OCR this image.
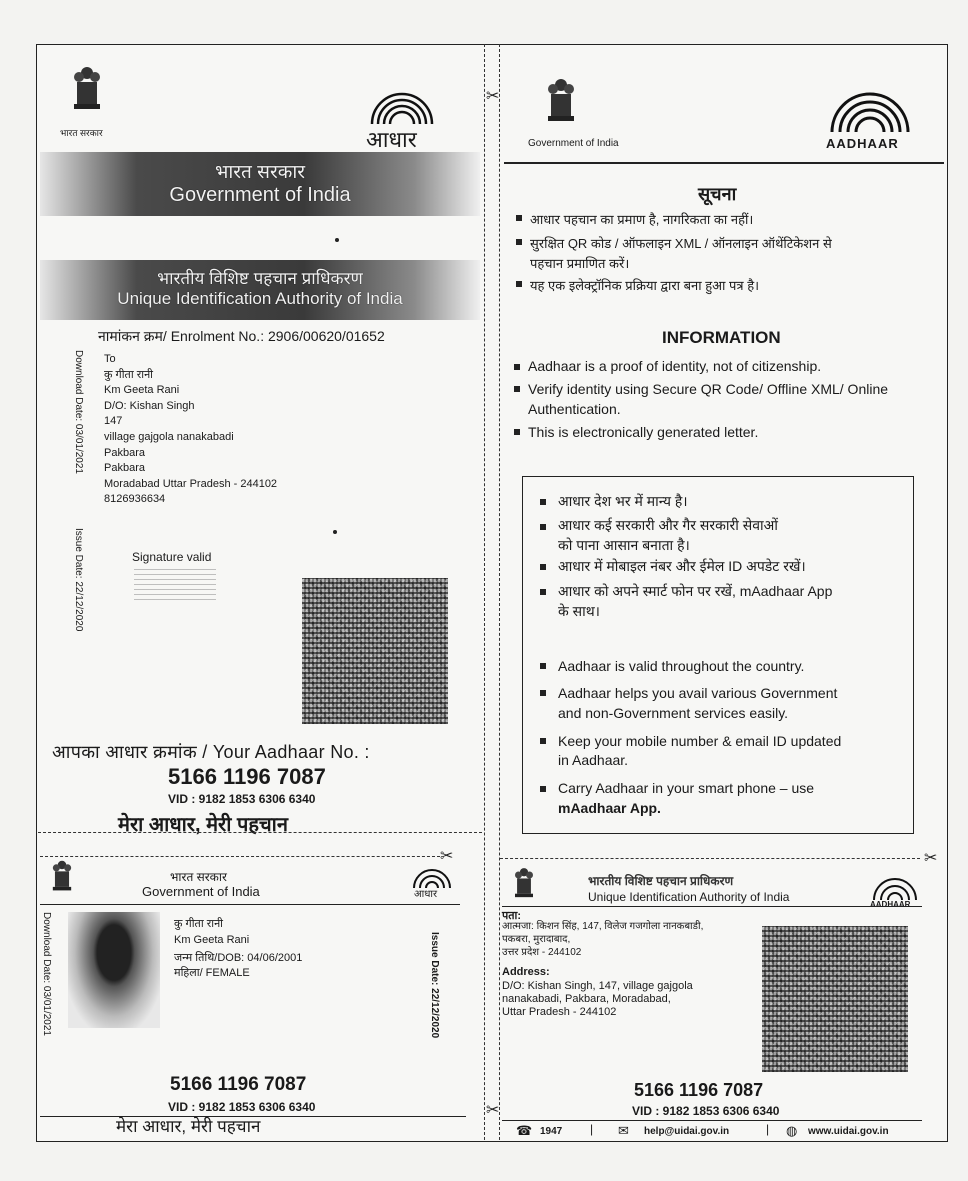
✂
✂
भारत सरकार	आधार
भारत सरकार
Government of India
भारतीय विशिष्ट पहचान प्राधिकरण
Unique Identification Authority of India
नामांकन क्रम/ Enrolment No.: 2906/00620/01652
Download Date: 03/01/2021
Issue Date: 22/12/2020
To
कु गीता रानी
Km Geeta Rani
D/O: Kishan Singh
147
village gajgola nanakabadi
Pakbara
Pakbara
Moradabad Uttar Pradesh - 244102
8126936634
Signature valid
आपका आधार क्रमांक / Your Aadhaar No. :
5166 1196 7087
VID : 9182 1853 6306 6340
मेरा आधार, मेरी पहचान
Government of India	AADHAAR
सूचना
आधार पहचान का प्रमाण है, नागरिकता का नहीं।
सुरक्षित QR कोड / ऑफलाइन XML / ऑनलाइन ऑथेंटिकेशन से
पहचान प्रमाणित करें।
यह एक इलेक्ट्रॉनिक प्रक्रिया द्वारा बना हुआ पत्र है।
INFORMATION
Aadhaar is a proof of identity, not of citizenship.
Verify identity using Secure QR Code/ Offline XML/ Online
Authentication.
This is electronically generated letter.
आधार देश भर में मान्य है।
आधार कई सरकारी और गैर सरकारी सेवाओं
को पाना आसान बनाता है।
आधार में मोबाइल नंबर और ईमेल ID अपडेट रखें।
आधार को अपने स्मार्ट फोन पर रखें, mAadhaar App
के साथ।
Aadhaar is valid throughout the country.
Aadhaar helps you avail various Government
and non-Government services easily.
Keep your mobile number & email ID updated
in Aadhaar.
Carry Aadhaar in your smart phone – use
mAadhaar App.
✂
✂
भारत सरकार
Government of India	आधार
Download Date: 03/01/2021	Issue Date: 22/12/2020
कु गीता रानी
Km Geeta Rani
जन्म तिथि/DOB: 04/06/2001
महिला/ FEMALE
5166 1196 7087
VID : 9182 1853 6306 6340
मेरा आधार, मेरी पहचान
भारतीय विशिष्ट पहचान प्राधिकरण
Unique Identification Authority of India
AADHAAR
पता:
आत्मजा: किशन सिंह, 147, विलेज गजगोला नानकबाडी,
पकबरा, मुरादाबाद,
उत्तर प्रदेश - 244102
Address:
D/O: Kishan Singh, 147, village gajgola
nanakabadi, Pakbara, Moradabad,
Uttar Pradesh - 244102
5166 1196 7087
VID : 9182 1853 6306 6340
☎ 1947 | ✉ help@uidai.gov.in	| ◍ www.uidai.gov.in
